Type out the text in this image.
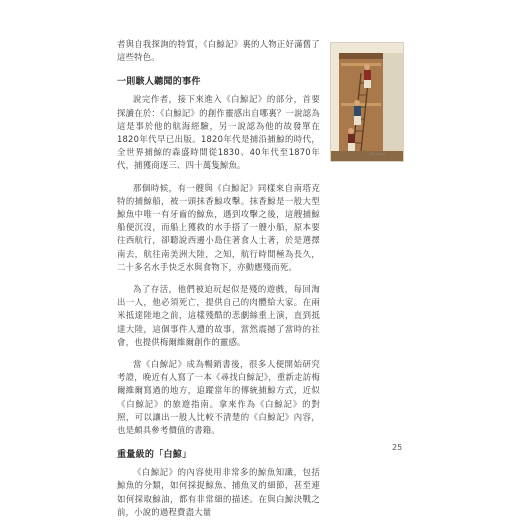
者與自我探詢的特質，《白鯨記》裏的人物正好滿舊了這些特色。

一則駭人聽聞的事件

說完作者，接下來進入《白鯨記》的部分，首要探讀在於：《白鯨記》的創作靈感出自哪裏？一說認為這是事於他的航海經驗，另一說認為他的故發單在1820年代早已出版。1820年代是捕沿捕鯨的時代，全世界捕鯨的森盛時間從1830、40年代至1870年代，捕獲商逐三、四十萬隻鯨魚。

那個時候，有一艘與《白鯨記》同樣來自南塔克特的捕鯨船，被一頭抹香鯨攻擊。抹香鯨是一般大型鯨魚中唯一有牙齒的鯨魚，遇到攻擊之後，這艘捕鯨船便沉沒，而船上獲救的水手搭了一艘小船，原本要往西航行，卻聽說西邊小島住著食人土著，於是選擇南去，航往南美洲大陸，之知，航行時間極為長久，二十多名水手快乏水與食物下，亦動應殘而死。

為了存活，他們被迫玩起似是殘的遊戲，每回淘出一人，他必須死亡，提供自己的肉體給大家。在兩米抵達陸地之前，這樣殘酷的悲劇絲重上演，直到抵達大陸，這個事件人遭的故事，當然震撼了當時的社會，也提供梅爾維爾創作的靈感。

當《白鯨記》成為暢銷書後，很多人便開始研究考證，晚近有人寫了一本《尋找白鯨記》，重新走訪梅爾維爾寫過的地方，追蹤當年的傳統捕鯨方式，近似《白鯨記》的旅遊指南。拿來作為《白鯨記》的對照，可以讓出一般人比較不清楚的《白鯨記》內容，也是頗具參考價值的書籍。

重量級的「白鯨」

《白鯨記》的內容使用非常多的鯨魚知識，包括鯨魚的分類，如何採捉鯨魚、捕魚叉的細節，甚至連如何採取鯨油，都有非常細的描述。在與白鯨決戰之前，小說的過程費盡大量

Nantucket
25
